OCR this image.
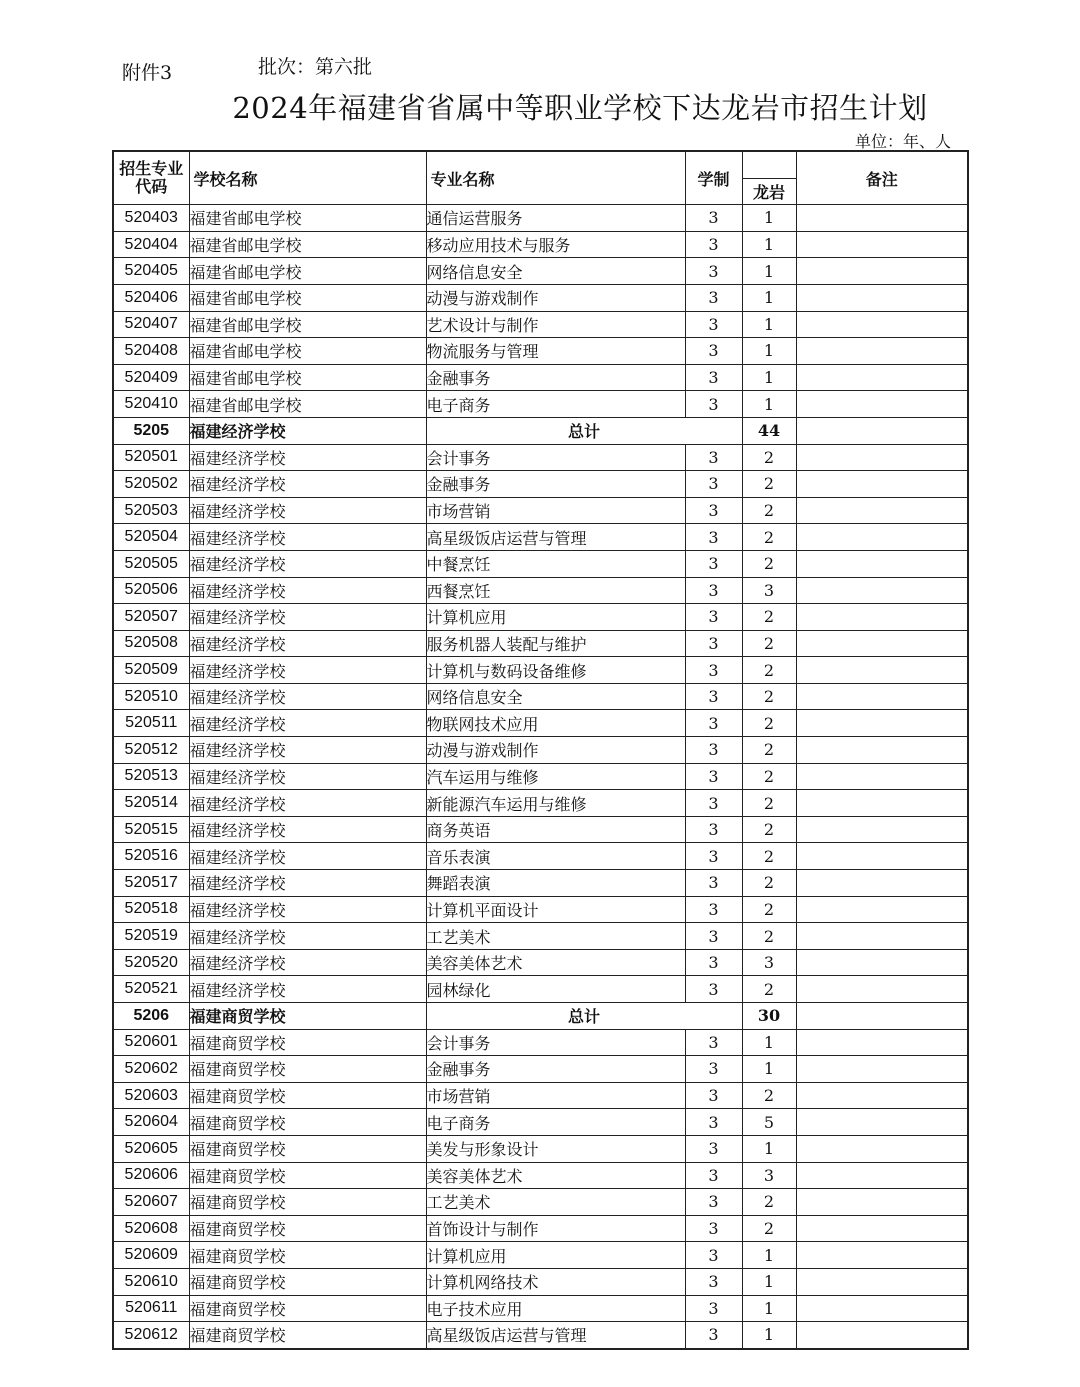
附件3	批次：第六批
2024年福建省省属中等职业学校下达龙岩市招生计划
单位：年、人
招生专业代码	学校名称	专业名称	学制		备注
				龙岩	
520403	福建省邮电学校	通信运营服务	3	1	
520404	福建省邮电学校	移动应用技术与服务	3	1	
520405	福建省邮电学校	网络信息安全	3	1	
520406	福建省邮电学校	动漫与游戏制作	3	1	
520407	福建省邮电学校	艺术设计与制作	3	1	
520408	福建省邮电学校	物流服务与管理	3	1	
520409	福建省邮电学校	金融事务	3	1	
520410	福建省邮电学校	电子商务	3	1	
5205	福建经济学校	总计		44	
520501	福建经济学校	会计事务	3	2	
520502	福建经济学校	金融事务	3	2	
520503	福建经济学校	市场营销	3	2	
520504	福建经济学校	高星级饭店运营与管理	3	2	
520505	福建经济学校	中餐烹饪	3	2	
520506	福建经济学校	西餐烹饪	3	3	
520507	福建经济学校	计算机应用	3	2	
520508	福建经济学校	服务机器人装配与维护	3	2	
520509	福建经济学校	计算机与数码设备维修	3	2	
520510	福建经济学校	网络信息安全	3	2	
520511	福建经济学校	物联网技术应用	3	2	
520512	福建经济学校	动漫与游戏制作	3	2	
520513	福建经济学校	汽车运用与维修	3	2	
520514	福建经济学校	新能源汽车运用与维修	3	2	
520515	福建经济学校	商务英语	3	2	
520516	福建经济学校	音乐表演	3	2	
520517	福建经济学校	舞蹈表演	3	2	
520518	福建经济学校	计算机平面设计	3	2	
520519	福建经济学校	工艺美术	3	2	
520520	福建经济学校	美容美体艺术	3	3	
520521	福建经济学校	园林绿化	3	2	
5206	福建商贸学校	总计		30	
520601	福建商贸学校	会计事务	3	1	
520602	福建商贸学校	金融事务	3	1	
520603	福建商贸学校	市场营销	3	2	
520604	福建商贸学校	电子商务	3	5	
520605	福建商贸学校	美发与形象设计	3	1	
520606	福建商贸学校	美容美体艺术	3	3	
520607	福建商贸学校	工艺美术	3	2	
520608	福建商贸学校	首饰设计与制作	3	2	
520609	福建商贸学校	计算机应用	3	1	
520610	福建商贸学校	计算机网络技术	3	1	
520611	福建商贸学校	电子技术应用	3	1	
520612	福建商贸学校	高星级饭店运营与管理	3	1	
